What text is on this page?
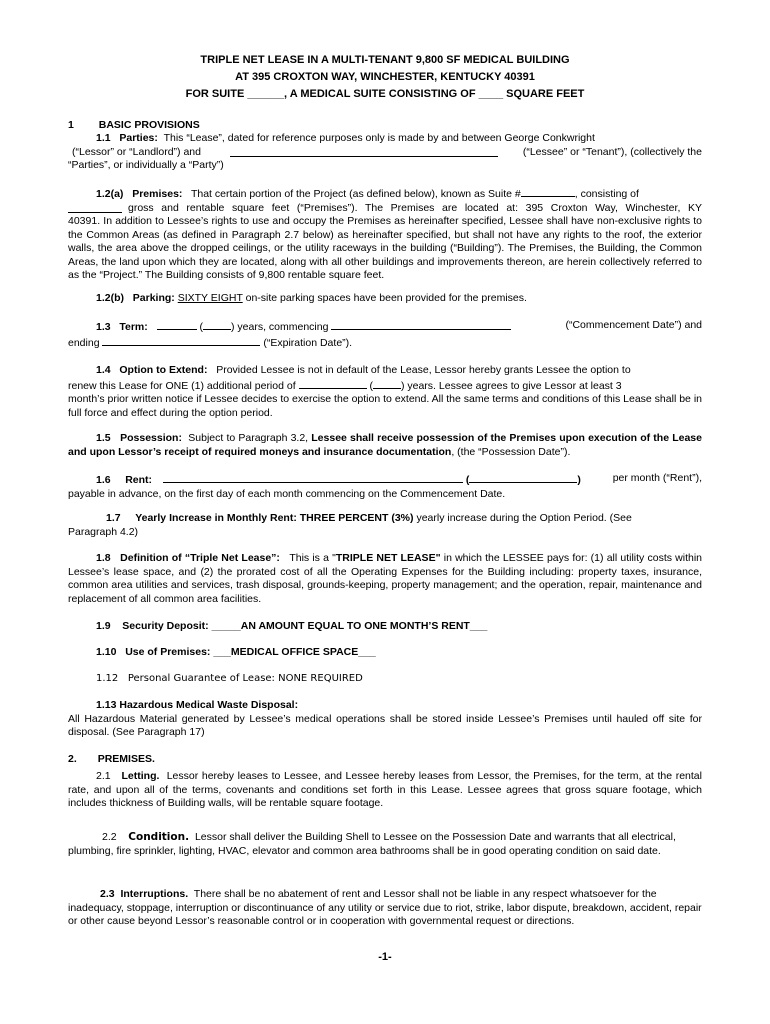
TRIPLE NET LEASE IN A MULTI-TENANT 9,800 SF MEDICAL BUILDING
AT 395 CROXTON WAY, WINCHESTER, KENTUCKY 40391
FOR SUITE ______, A MEDICAL SUITE CONSISTING OF ____ SQUARE FEET
1 BASIC PROVISIONS
1.1 Parties: This “Lease”, dated for reference purposes only is made by and between George Conkwright
(“Lessor” or “Landlord”) and	(“Lessee” or “Tenant”), (collectively the
“Parties”, or individually a “Party”)
1.2(a) Premises: That certain portion of the Project (as defined below), known as Suite #	, consisting of
gross and rentable square feet (“Premises”). The Premises are located at: 395 Croxton Way, Winchester, KY
40391. In addition to Lessee’s rights to use and occupy the Premises as hereinafter specified, Lessee shall have non-exclusive rights to the Common Areas (as defined in Paragraph 2.7 below) as hereinafter specified, but shall not have any rights to the roof, the exterior walls, the area above the dropped ceilings, or the utility raceways in the building (“Building”). The Premises, the Building, the Common Areas, the land upon which they are located, along with all other buildings and improvements thereon, are herein collectively referred to as the “Project.” The Building consists of 9,800 rentable square feet.
1.2(b) Parking: SIXTY EIGHT on-site parking spaces have been provided for the premises.
1.3 Term:	(	) years, commencing	(“Commencement Date”) and
ending	(“Expiration Date”).
1.4 Option to Extend: Provided Lessee is not in default of the Lease, Lessor hereby grants Lessee the option to
renew this Lease for ONE (1) additional period of	(	) years. Lessee agrees to give Lessor at least 3
month’s prior written notice if Lessee decides to exercise the option to extend. All the same terms and conditions of this Lease shall be in full force and effect during the option period.
1.5 Possession: Subject to Paragraph 3.2, Lessee shall receive possession of the Premises upon execution of the Lease and upon Lessor’s receipt of required moneys and insurance documentation, (the “Possession Date”).
1.6 Rent:	(	)	per month (“Rent”),
payable in advance, on the first day of each month commencing on the Commencement Date.
1.7 Yearly Increase in Monthly Rent: THREE PERCENT (3%) yearly increase during the Option Period. (See
Paragraph 4.2)
1.8 Definition of “Triple Net Lease”: This is a "TRIPLE NET LEASE" in which the LESSEE pays for: (1) all utility costs within Lessee’s lease space, and (2) the prorated cost of all the Operating Expenses for the Building including: property taxes, insurance, common area utilities and services, trash disposal, grounds-keeping, property management; and the operation, repair, maintenance and replacement of all common area facilities.
1.9 Security Deposit: _____AN AMOUNT EQUAL TO ONE MONTH’S RENT___
1.10 Use of Premises: ___MEDICAL OFFICE SPACE___
1.12 Personal Guarantee of Lease: NONE REQUIRED
1.13 Hazardous Medical Waste Disposal:
All Hazardous Material generated by Lessee’s medical operations shall be stored inside Lessee’s Premises until hauled off site for disposal. (See Paragraph 17)
2. PREMISES.
2.1 Letting. Lessor hereby leases to Lessee, and Lessee hereby leases from Lessor, the Premises, for the term, at the rental rate, and upon all of the terms, covenants and conditions set forth in this Lease. Lessee agrees that gross square footage, which includes thickness of Building walls, will be rentable square footage.
2.2 Condition. Lessor shall deliver the Building Shell to Lessee on the Possession Date and warrants that all electrical, plumbing, fire sprinkler, lighting, HVAC, elevator and common area bathrooms shall be in good operating condition on said date.
2.3 Interruptions. There shall be no abatement of rent and Lessor shall not be liable in any respect whatsoever for the inadequacy, stoppage, interruption or discontinuance of any utility or service due to riot, strike, labor dispute, breakdown, accident, repair or other cause beyond Lessor’s reasonable control or in cooperation with governmental request or directions.
-1-
